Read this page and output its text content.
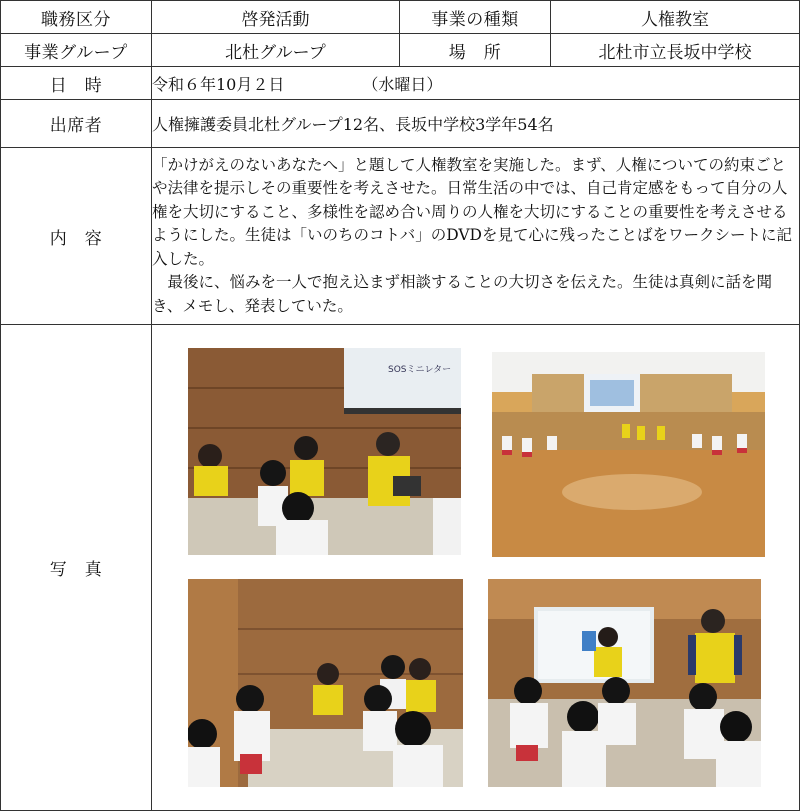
職務区分	啓発活動	事業の種類	人権教室
事業グループ	北杜グループ	場　所	北杜市立長坂中学校
日　時	令和６年10月２日 （水曜日）		
出席者	人権擁護委員北杜グループ12名、長坂中学校3学年54名		
内　容	「かけがえのないあなたへ」と題して人権教室を実施した。まず、人権についての約束ごとや法律を提示しその重要性を考えさせた。日常生活の中では、自己肯定感をもって自分の人権を大切にすること、多様性を認め合い周りの人権を大切にすることの重要性を考えさせるようにした。生徒は「いのちのコトバ」のDVDを見て心に残ったことばをワークシートに記入した。

　最後に、悩みを一人で抱え込まず相談することの大切さを伝えた。生徒は真剣に話を聞き、メモし、発表していた。		

写　真	SOSミニレター		
